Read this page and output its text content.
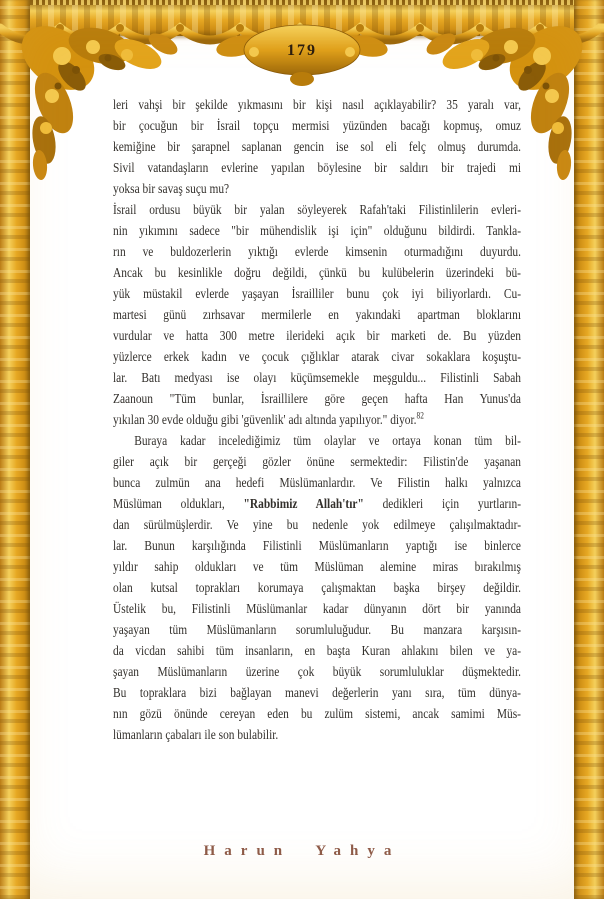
179

leri vahşi bir şekilde yıkmasını bir kişi nasıl açıklayabilir? 35 yaralı var,
bir çocuğun bir İsrail topçu mermisi yüzünden bacağı kopmuş, omuz
kemiğine bir şarapnel saplanan gencin ise sol eli felç olmuş durumda.
Sivil vatandaşların evlerine yapılan böylesine bir saldırı bir trajedi mi
yoksa bir savaş suçu mu?

İsrail ordusu büyük bir yalan söyleyerek Rafah'taki Filistinlilerin evleri-
nin yıkımını sadece "bir mühendislik işi için" olduğunu bildirdi. Tankla-
rın ve buldozerlerin yıktığı evlerde kimsenin oturmadığını duyurdu.
Ancak bu kesinlikle doğru değildi, çünkü bu kulübelerin üzerindeki bü-
yük müstakil evlerde yaşayan İsrailliler bunu çok iyi biliyorlardı. Cu-
martesi günü zırhsavar mermilerle en yakındaki apartman bloklarını
vurdular ve hatta 300 metre ilerideki açık bir marketi de. Bu yüzden
yüzlerce erkek kadın ve çocuk çığlıklar atarak civar sokaklara koşuştu-
lar. Batı medyası ise olayı küçümsemekle meşguldu... Filistinli Sabah
Zaanoun "Tüm bunlar, İsraillilere göre geçen hafta Han Yunus'da
yıkılan 30 evde olduğu gibi 'güvenlik' adı altında yapılıyor." diyor.$^{82}$

Buraya kadar incelediğimiz tüm olaylar ve ortaya konan tüm bil-
giler açık bir gerçeği gözler önüne sermektedir: Filistin'de yaşanan
bunca zulmün ana hedefi Müslümanlardır. Ve Filistin halkı yalnızca
Müslüman oldukları, "Rabbimiz Allah'tır" dedikleri için yurtların-
dan sürülmüşlerdir. Ve yine bu nedenle yok edilmeye çalışılmaktadır-
lar. Bunun karşılığında Filistinli Müslümanların yaptığı ise binlerce
yıldır sahip oldukları ve tüm Müslüman alemine miras bırakılmış
olan kutsal toprakları korumaya çalışmaktan başka birşey değildir.
Üstelik bu, Filistinli Müslümanlar kadar dünyanın dört bir yanında
yaşayan tüm Müslümanların sorumluluğudur. Bu manzara karşısın-
da vicdan sahibi tüm insanların, en başta Kuran ahlakını bilen ve ya-
şayan Müslümanların üzerine çok büyük sorumluluklar düşmektedir.
Bu topraklara bizi bağlayan manevi değerlerin yanı sıra, tüm dünya-
nın gözü önünde cereyan eden bu zulüm sistemi, ancak samimi Müs-
lümanların çabaları ile son bulabilir.

Harun Yahya
